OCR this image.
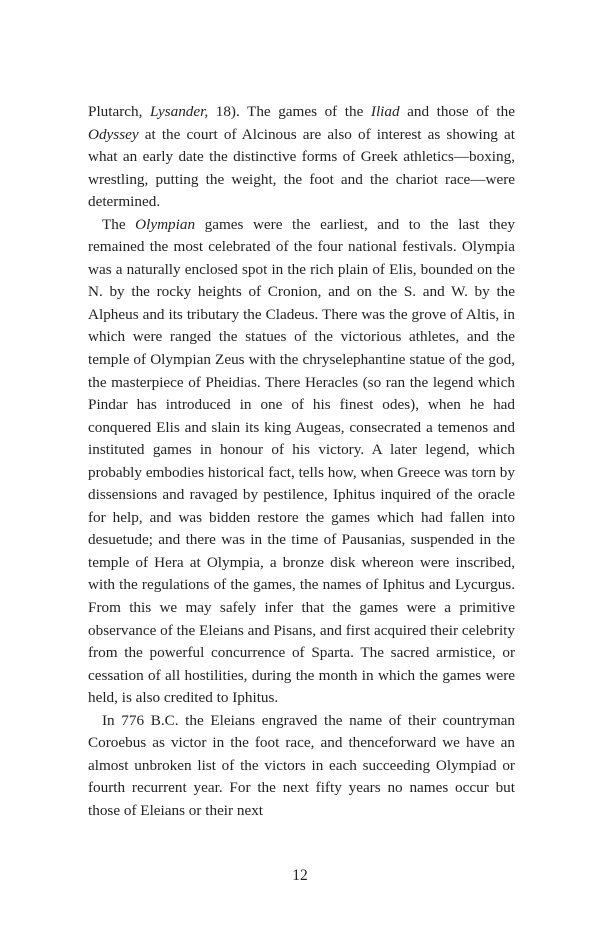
Plutarch, Lysander, 18). The games of the Iliad and those of the Odyssey at the court of Alcinous are also of interest as showing at what an early date the distinctive forms of Greek athletics—boxing, wrestling, putting the weight, the foot and the chariot race—were determined.

The Olympian games were the earliest, and to the last they remained the most celebrated of the four national festivals. Olympia was a naturally enclosed spot in the rich plain of Elis, bounded on the N. by the rocky heights of Cronion, and on the S. and W. by the Alpheus and its tributary the Cladeus. There was the grove of Altis, in which were ranged the statues of the victorious athletes, and the temple of Olympian Zeus with the chryselephantine statue of the god, the masterpiece of Pheidias. There Heracles (so ran the legend which Pindar has introduced in one of his finest odes), when he had conquered Elis and slain its king Augeas, consecrated a temenos and instituted games in honour of his victory. A later legend, which probably embodies historical fact, tells how, when Greece was torn by dissensions and ravaged by pestilence, Iphitus inquired of the oracle for help, and was bidden restore the games which had fallen into desuetude; and there was in the time of Pausanias, suspended in the temple of Hera at Olympia, a bronze disk whereon were inscribed, with the regulations of the games, the names of Iphitus and Lycurgus. From this we may safely infer that the games were a primitive observance of the Eleians and Pisans, and first acquired their celebrity from the powerful concurrence of Sparta. The sacred armistice, or cessation of all hostilities, during the month in which the games were held, is also credited to Iphitus.

In 776 B.C. the Eleians engraved the name of their countryman Coroebus as victor in the foot race, and thenceforward we have an almost unbroken list of the victors in each succeeding Olympiad or fourth recurrent year. For the next fifty years no names occur but those of Eleians or their next

12
